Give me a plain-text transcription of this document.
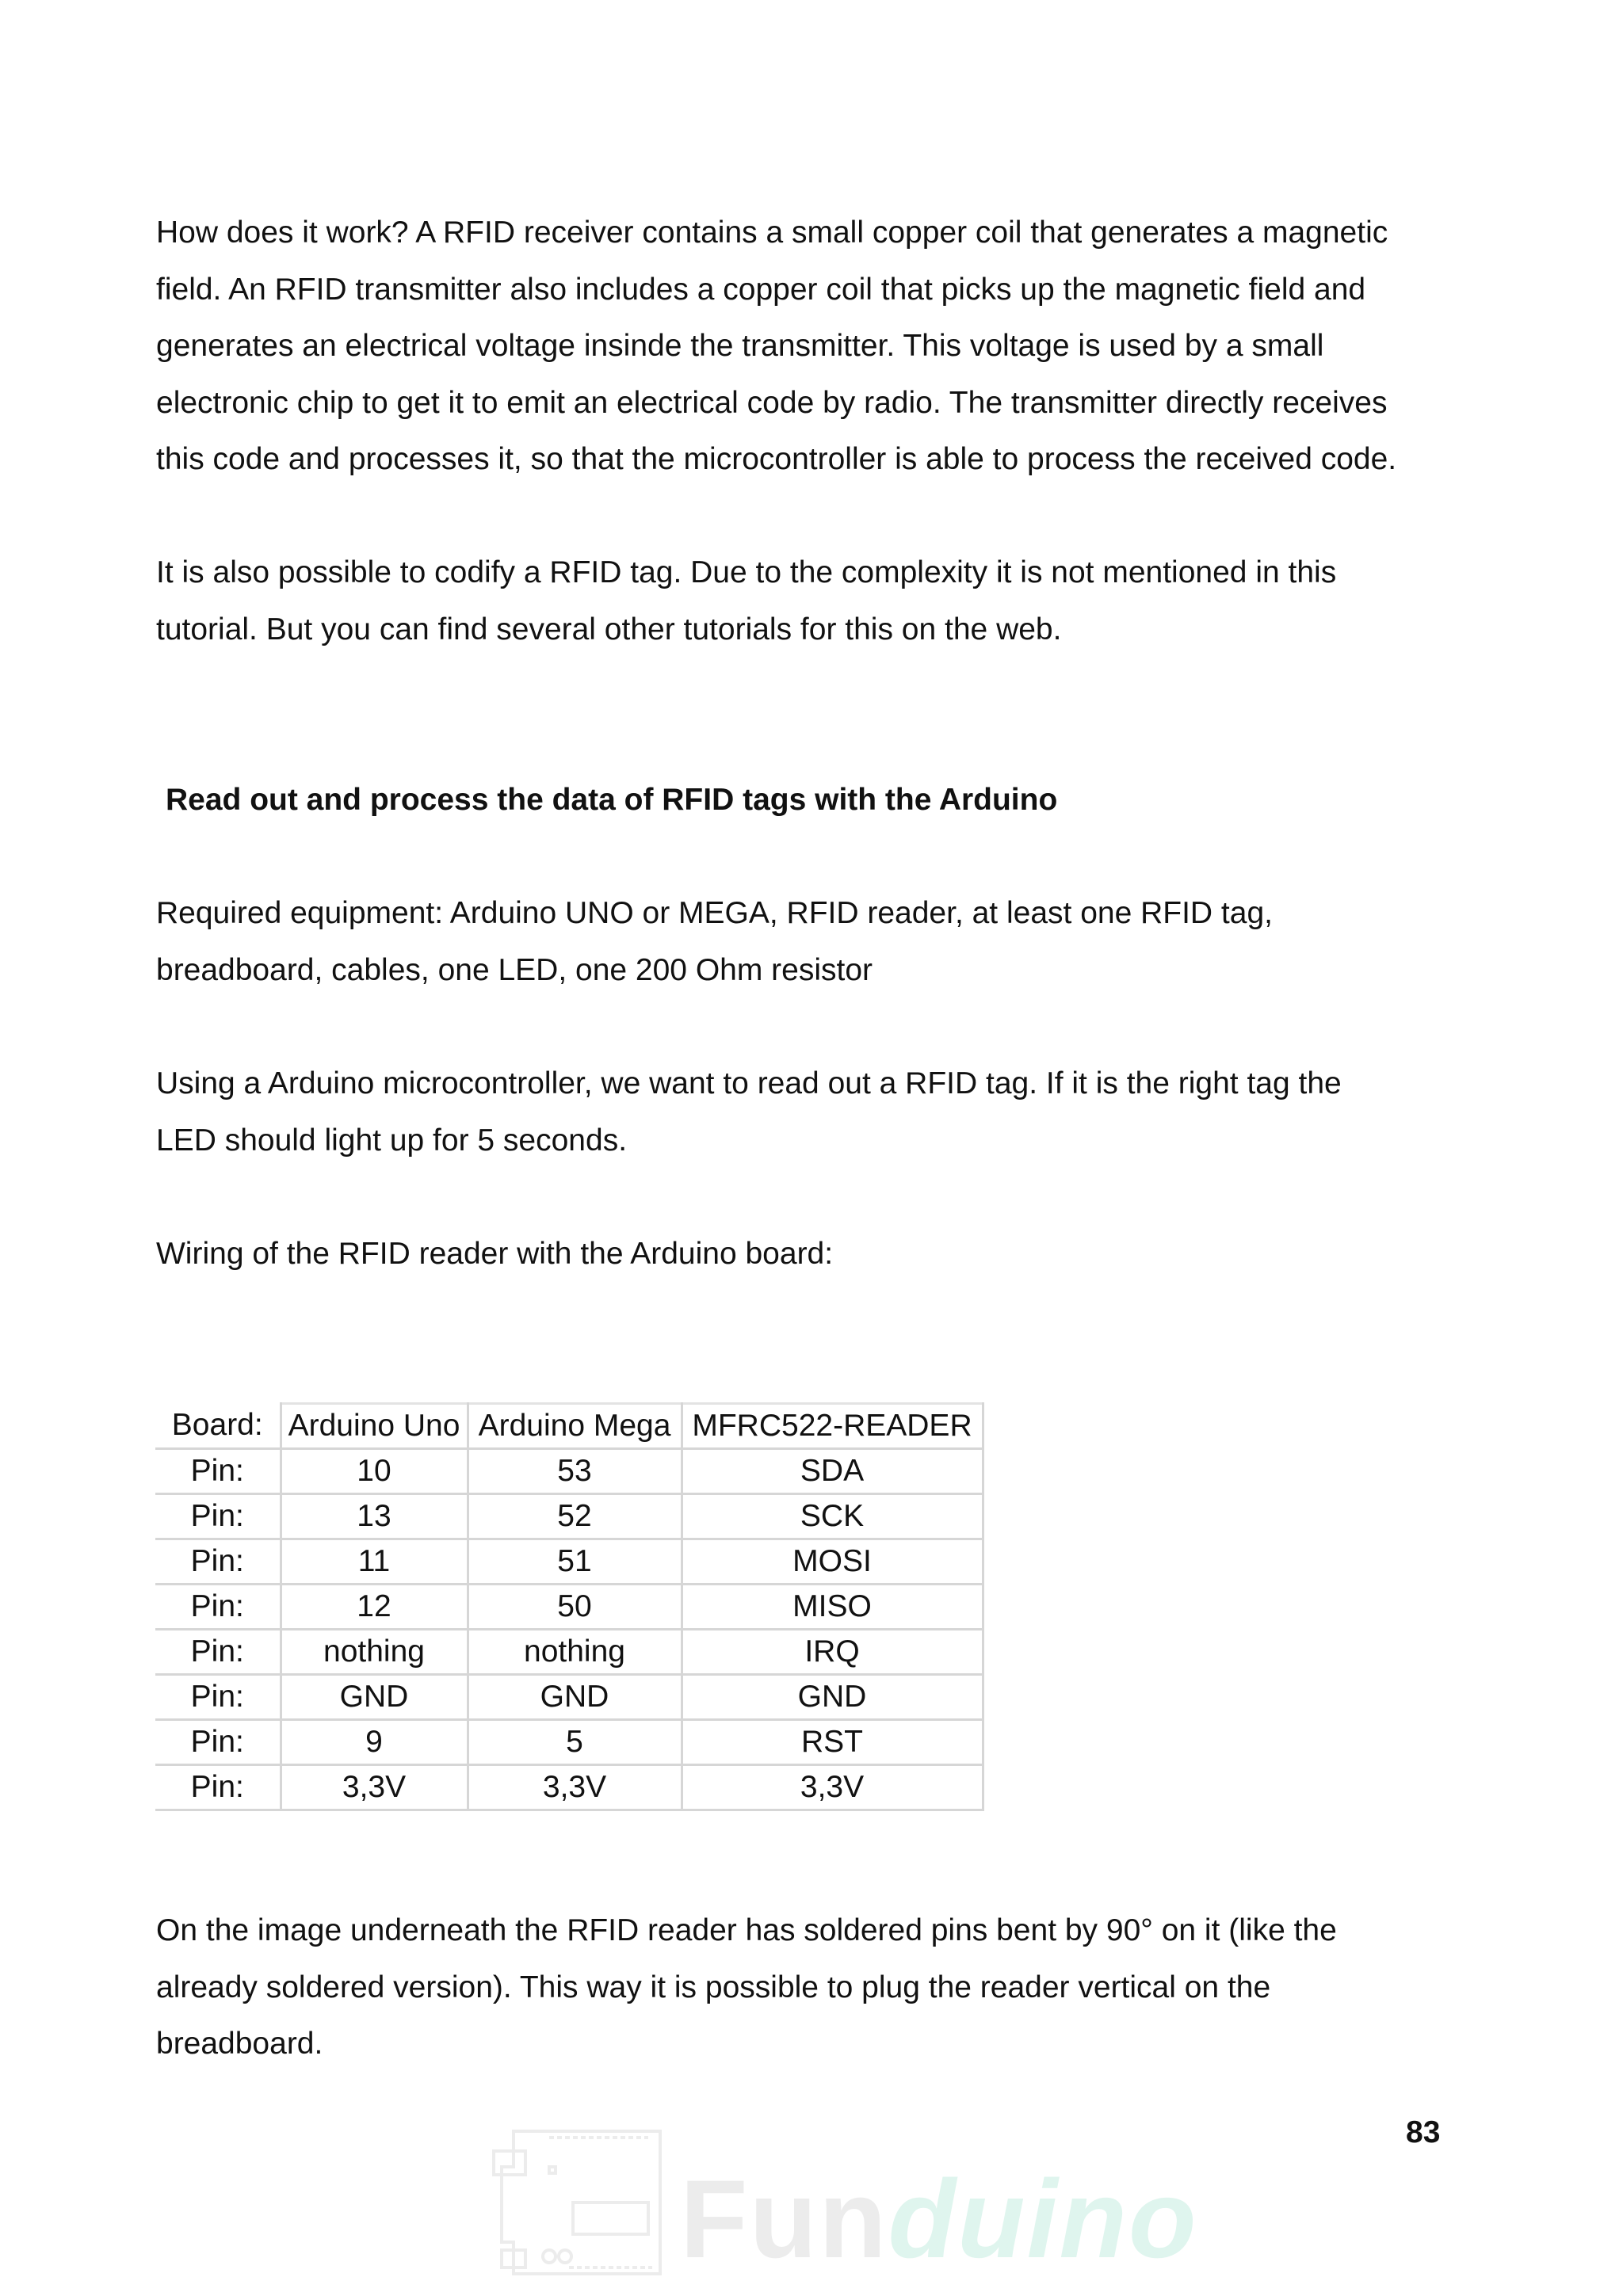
How does it work? A RFID receiver contains a small copper coil that generates a magnetic
field. An RFID transmitter also includes a copper coil that picks up the magnetic field and
generates an electrical voltage insinde the transmitter. This voltage is used by a small
electronic chip to get it to emit an electrical code by radio. The transmitter directly receives
this code and processes it, so that the microcontroller is able to process the received code.

It is also possible to codify a RFID tag. Due to the complexity it is not mentioned in this
tutorial. But you can find several other tutorials for this on the web.

Read out and process the data of RFID tags with the Arduino

Required equipment: Arduino UNO or MEGA, RFID reader, at least one RFID tag,
breadboard, cables, one LED, one 200 Ohm resistor

Using a Arduino microcontroller, we want to read out a RFID tag. If it is the right tag the
LED should light up for 5 seconds.

Wiring of the RFID reader with the Arduino board:

Board:	Arduino Uno	Arduino Mega	MFRC522-READER
Pin:	10	53	SDA
Pin:	13	52	SCK
Pin:	11	51	MOSI
Pin:	12	50	MISO
Pin:	nothing	nothing	IRQ
Pin:	GND	GND	GND
Pin:	9	5	RST
Pin:	3,3V	3,3V	3,3V

On the image underneath the RFID reader has soldered pins bent by 90° on it (like the
already soldered version). This way it is possible to plug the reader vertical on the
breadboard.

83
Funduino
